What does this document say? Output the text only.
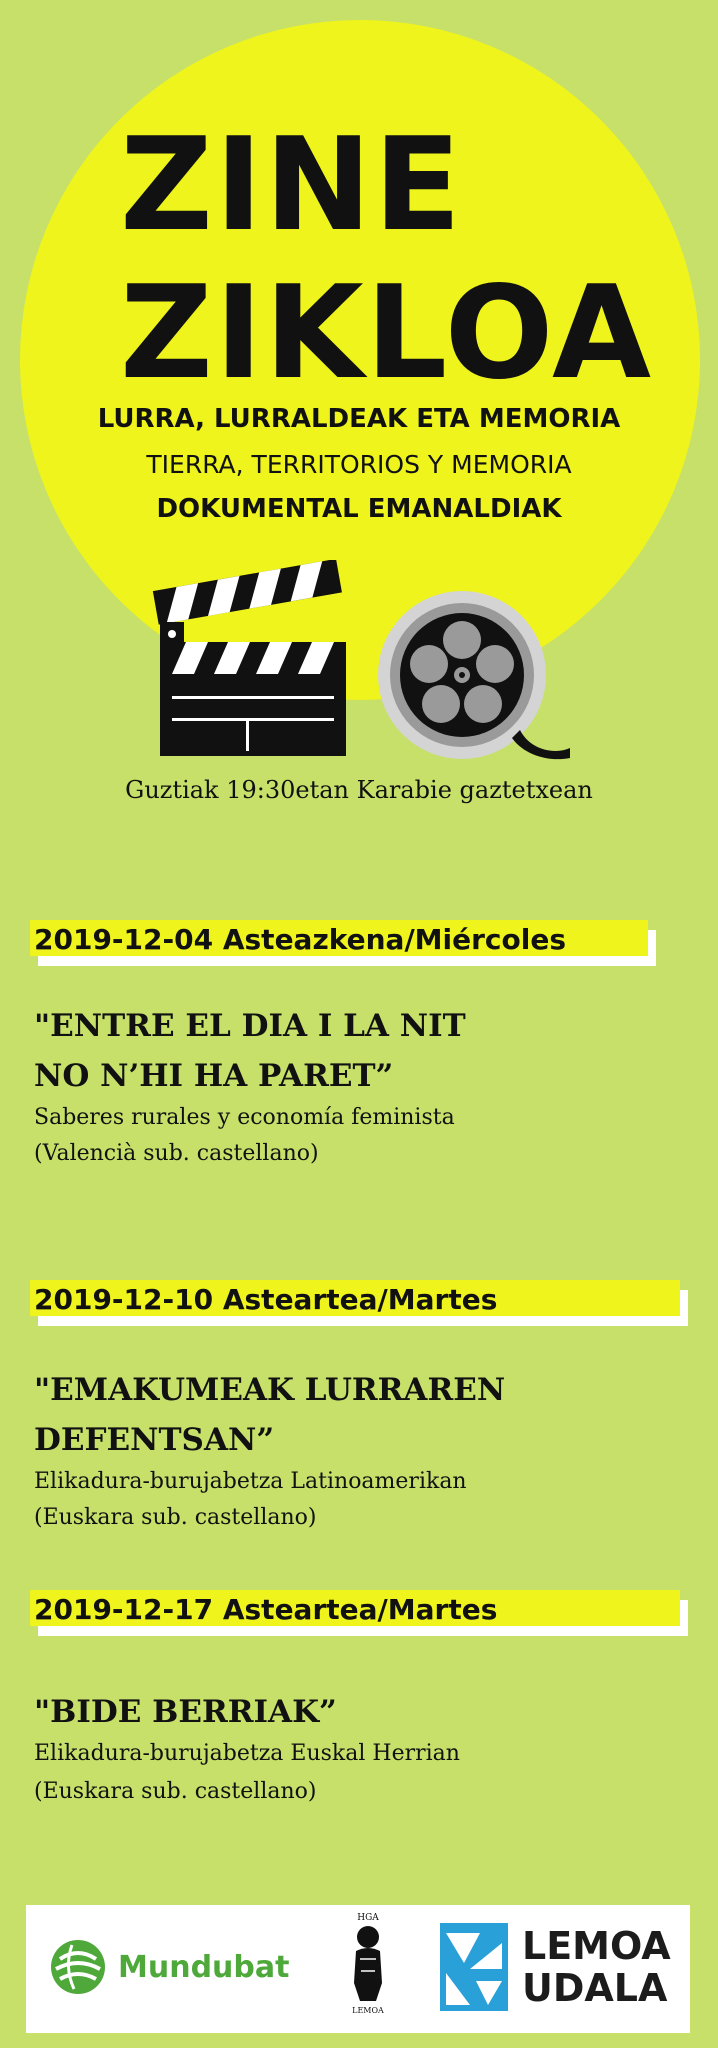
ZINE
ZIKLOA
LURRA, LURRALDEAK ETA MEMORIA
TIERRA, TERRITORIOS Y MEMORIA
DOKUMENTAL EMANALDIAK
Guztiak 19:30etan Karabie gaztetxean
2019-12-04 Asteazkena/Miércoles
"ENTRE EL DIA I LA NIT
NO N’HI HA PARET”
Saberes rurales y economía feminista
(Valencià sub. castellano)
2019-12-10 Asteartea/Martes
"EMAKUMEAK LURRAREN
DEFENTSAN”
Elikadura-burujabetza Latinoamerikan
(Euskara sub. castellano)
2019-12-17 Asteartea/Martes
"BIDE BERRIAK”
Elikadura-burujabetza Euskal Herrian
(Euskara sub. castellano)
Mundubat
HGA
LEMOA
LEMOA
UDALA
